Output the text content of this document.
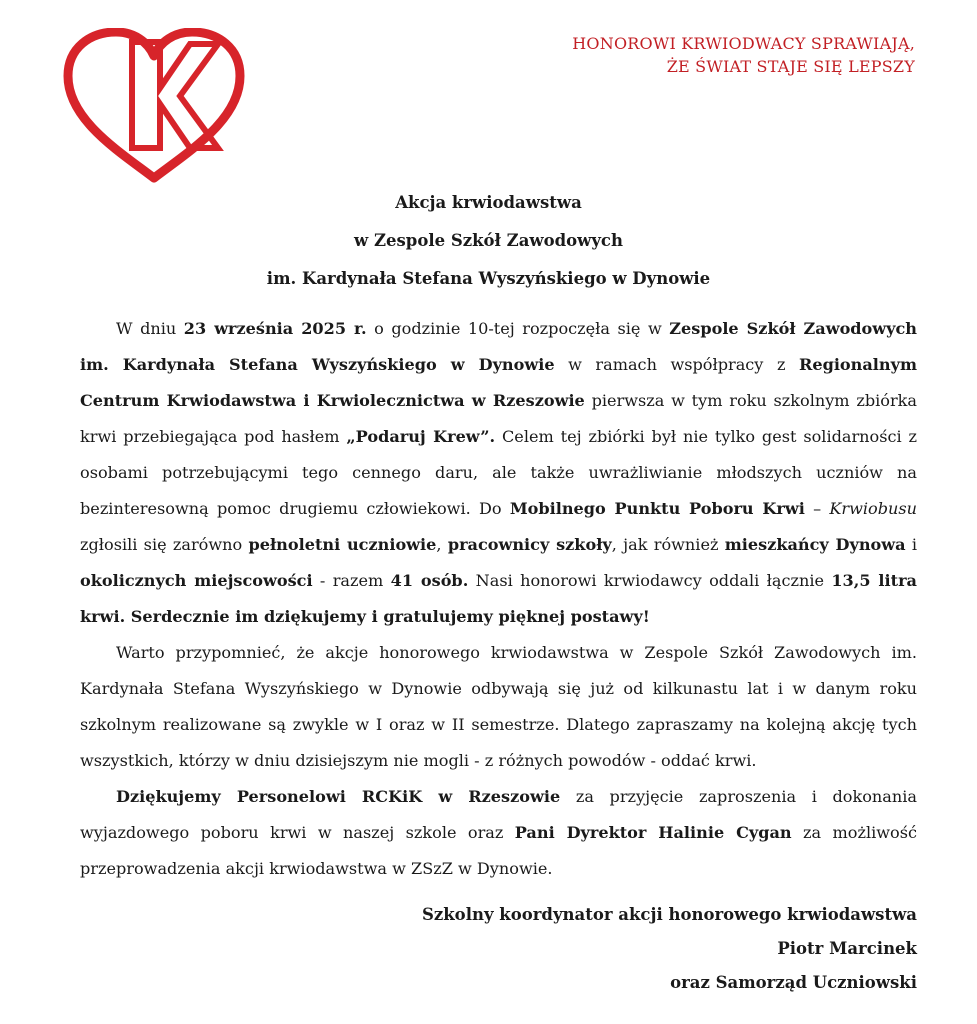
HONOROWI KRWIODWACY SPRAWIAJĄ,
ŻE ŚWIAT STAJE SIĘ LEPSZY
Akcja krwiodawstwa
w Zespole Szkół Zawodowych
im. Kardynała Stefana Wyszyńskiego w Dynowie

W dniu 23 września 2025 r. o godzinie 10-tej rozpoczęła się w Zespole Szkół Zawodowych im. Kardynała Stefana Wyszyńskiego w Dynowie w ramach współpracy z Regionalnym Centrum Krwiodawstwa i Krwiolecznictwa w Rzeszowie pierwsza w tym roku szkolnym zbiórka krwi przebiegająca pod hasłem „Podaruj Krew”. Celem tej zbiórki był nie tylko gest solidarności z osobami potrzebującymi tego cennego daru, ale także uwrażliwianie młodszych uczniów na bezinteresowną pomoc drugiemu człowiekowi. Do Mobilnego Punktu Poboru Krwi – Krwiobusu zgłosili się zarówno pełnoletni uczniowie, pracownicy szkoły, jak również mieszkańcy Dynowa i okolicznych miejscowości - razem 41 osób. Nasi honorowi krwiodawcy oddali łącznie 13,5 litra krwi. Serdecznie im dziękujemy i gratulujemy pięknej postawy!

Warto przypomnieć, że akcje honorowego krwiodawstwa w Zespole Szkół Zawodowych im. Kardynała Stefana Wyszyńskiego w Dynowie odbywają się już od kilkunastu lat i w danym roku szkolnym realizowane są zwykle w I oraz w II semestrze. Dlatego zapraszamy na kolejną akcję tych wszystkich, którzy w dniu dzisiejszym nie mogli - z różnych powodów - oddać krwi.

Dziękujemy Personelowi RCKiK w Rzeszowie za przyjęcie zaproszenia i dokonania wyjazdowego poboru krwi w naszej szkole oraz Pani Dyrektor Halinie Cygan za możliwość przeprowadzenia akcji krwiodawstwa w ZSzZ w Dynowie.

Szkolny koordynator akcji honorowego krwiodawstwa
Piotr Marcinek
oraz Samorząd Uczniowski
